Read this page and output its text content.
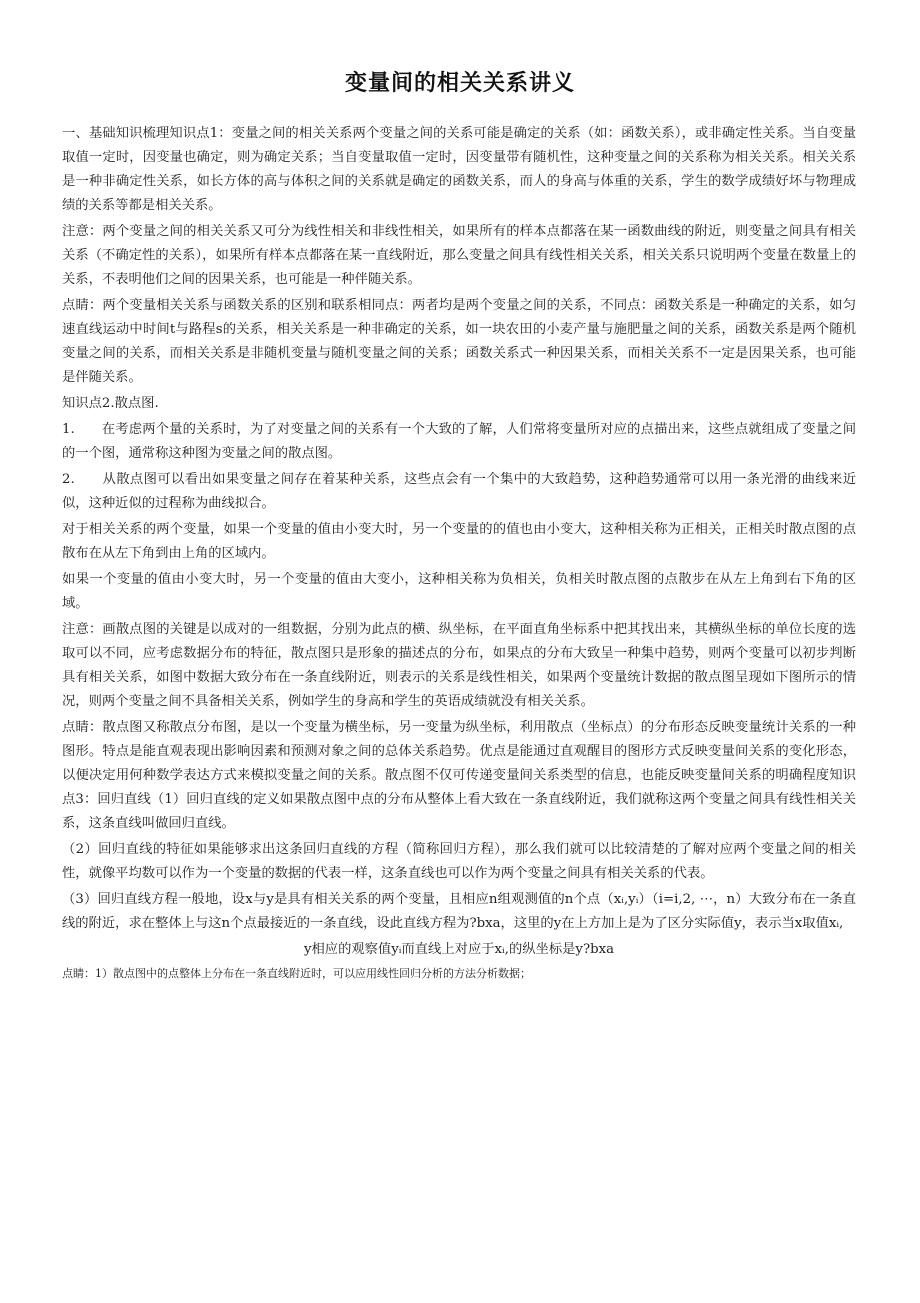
变量间的相关关系讲义

一、基础知识梳理知识点1：变量之间的相关关系两个变量之间的关系可能是确定的关系（如：函数关系），或非确定性关系。当自变量取值一定时，因变量也确定，则为确定关系；当自变量取值一定时，因变量带有随机性，这种变量之间的关系称为相关关系。相关关系是一种非确定性关系，如长方体的高与体积之间的关系就是确定的函数关系，而人的身高与体重的关系，学生的数学成绩好坏与物理成绩的关系等都是相关关系。

注意：两个变量之间的相关关系又可分为线性相关和非线性相关，如果所有的样本点都落在某一函数曲线的附近，则变量之间具有相关关系（不确定性的关系），如果所有样本点都落在某一直线附近，那么变量之间具有线性相关关系，相关关系只说明两个变量在数量上的关系，不表明他们之间的因果关系，也可能是一种伴随关系。

点睛：两个变量相关关系与函数关系的区别和联系相同点：两者均是两个变量之间的关系，不同点：函数关系是一种确定的关系，如匀速直线运动中时间t与路程s的关系，相关关系是一种非确定的关系，如一块农田的小麦产量与施肥量之间的关系，函数关系是两个随机变量之间的关系，而相关关系是非随机变量与随机变量之间的关系；函数关系式一种因果关系，而相关关系不一定是因果关系，也可能是伴随关系。

知识点2.散点图.

1.　　在考虑两个量的关系时，为了对变量之间的关系有一个大致的了解，人们常将变量所对应的点描出来，这些点就组成了变量之间的一个图，通常称这种图为变量之间的散点图。

2.　　从散点图可以看出如果变量之间存在着某种关系，这些点会有一个集中的大致趋势，这种趋势通常可以用一条光滑的曲线来近似，这种近似的过程称为曲线拟合。

对于相关关系的两个变量，如果一个变量的值由小变大时，另一个变量的的值也由小变大，这种相关称为正相关，正相关时散点图的点散布在从左下角到由上角的区域内。

如果一个变量的值由小变大时，另一个变量的值由大变小，这种相关称为负相关，负相关时散点图的点散步在从左上角到右下角的区域。

注意：画散点图的关键是以成对的一组数据，分别为此点的横、纵坐标，在平面直角坐标系中把其找出来，其横纵坐标的单位长度的选取可以不同，应考虑数据分布的特征，散点图只是形象的描述点的分布，如果点的分布大致呈一种集中趋势，则两个变量可以初步判断具有相关关系，如图中数据大致分布在一条直线附近，则表示的关系是线性相关，如果两个变量统计数据的散点图呈现如下图所示的情况，则两个变量之间不具备相关关系，例如学生的身高和学生的英语成绩就没有相关关系。

点睛：散点图又称散点分布图，是以一个变量为横坐标，另一变量为纵坐标，利用散点（坐标点）的分布形态反映变量统计关系的一种图形。特点是能直观表现出影响因素和预测对象之间的总体关系趋势。优点是能通过直观醒目的图形方式反映变量间关系的变化形态，以便决定用何种数学表达方式来模拟变量之间的关系。散点图不仅可传递变量间关系类型的信息，也能反映变量间关系的明确程度知识点3：回归直线（1）回归直线的定义如果散点图中点的分布从整体上看大致在一条直线附近，我们就称这两个变量之间具有线性相关关系，这条直线叫做回归直线。

（2）回归直线的特征如果能够求出这条回归直线的方程（简称回归方程），那么我们就可以比较清楚的了解对应两个变量之间的相关性，就像平均数可以作为一个变量的数据的代表一样，这条直线也可以作为两个变量之间具有相关关系的代表。

（3）回归直线方程一般地，设x与y是具有相关关系的两个变量，且相应n组观测值的n个点（xᵢ,yᵢ）（i=i,2, ⋯，n）大致分布在一条直线的附近，求在整体上与这n个点最接近的一条直线，设此直线方程为?bxa，这里的y在上方加上是为了区分实际值y，表示当x取值xᵢ,

y相应的观察值yᵢ而直线上对应于xᵢ,的纵坐标是y?bxa

点睛：1）散点图中的点整体上分布在一条直线附近时，可以应用线性回归分析的方法分析数据；
